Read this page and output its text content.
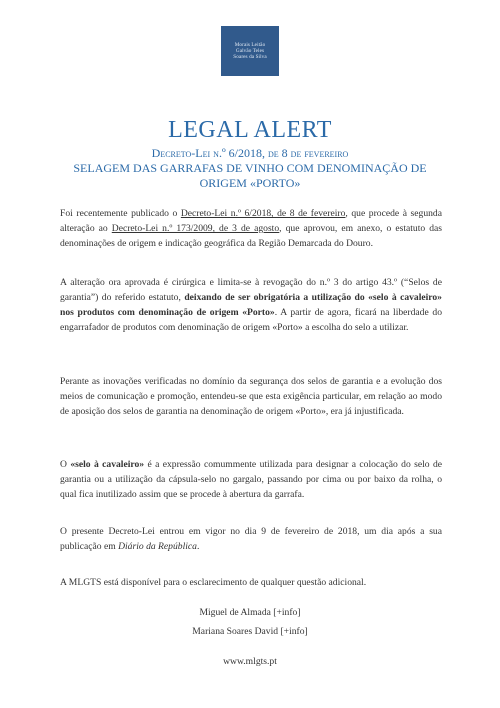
Morais Leitão
Galvão Teles
Soares da Silva
LEGAL ALERT
Decreto-Lei n.º 6/2018, de 8 de fevereiro
SELAGEM DAS GARRAFAS DE VINHO COM DENOMINAÇÃO DE ORIGEM «PORTO»
Foi recentemente publicado o Decreto-Lei n.º 6/2018, de 8 de fevereiro, que procede à segunda alteração ao Decreto-Lei n.º 173/2009, de 3 de agosto, que aprovou, em anexo, o estatuto das denominações de origem e indicação geográfica da Região Demarcada do Douro.
A alteração ora aprovada é cirúrgica e limita-se à revogação do n.º 3 do artigo 43.º (“Selos de garantia”) do referido estatuto, deixando de ser obrigatória a utilização do «selo à cavaleiro» nos produtos com denominação de origem «Porto». A partir de agora, ficará na liberdade do engarrafador de produtos com denominação de origem «Porto» a escolha do selo a utilizar.
Perante as inovações verificadas no domínio da segurança dos selos de garantia e a evolução dos meios de comunicação e promoção, entendeu-se que esta exigência particular, em relação ao modo de aposição dos selos de garantia na denominação de origem «Porto», era já injustificada.
O «selo à cavaleiro» é a expressão comummente utilizada para designar a colocação do selo de garantia ou a utilização da cápsula-selo no gargalo, passando por cima ou por baixo da rolha, o qual fica inutilizado assim que se procede à abertura da garrafa.
O presente Decreto-Lei entrou em vigor no dia 9 de fevereiro de 2018, um dia após a sua publicação em Diário da República.
A MLGTS está disponível para o esclarecimento de qualquer questão adicional.
Miguel de Almada [+info]
Mariana Soares David [+info]
www.mlgts.pt
